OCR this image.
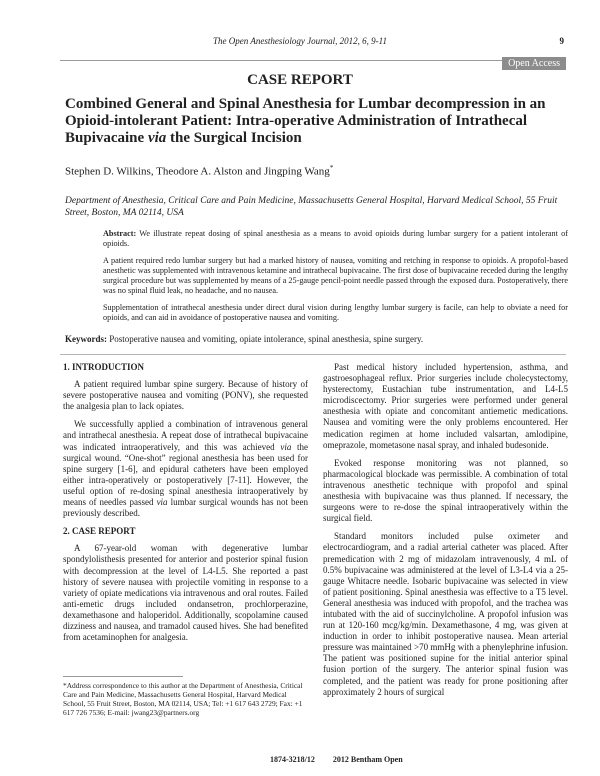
The Open Anesthesiology Journal, 2012, 6, 9-11	9
Open Access
CASE REPORT
Combined General and Spinal Anesthesia for Lumbar decompression in an Opioid-intolerant Patient: Intra-operative Administration of Intrathecal Bupivacaine via the Surgical Incision
Stephen D. Wilkins, Theodore A. Alston and Jingping Wang*
Department of Anesthesia, Critical Care and Pain Medicine, Massachusetts General Hospital, Harvard Medical School, 55 Fruit Street, Boston, MA 02114, USA

Abstract: We illustrate repeat dosing of spinal anesthesia as a means to avoid opioids during lumbar surgery for a patient intolerant of opioids.

A patient required redo lumbar surgery but had a marked history of nausea, vomiting and retching in response to opioids. A propofol-based anesthetic was supplemented with intravenous ketamine and intrathecal bupivacaine. The first dose of bupivacaine receded during the lengthy surgical procedure but was supplemented by means of a 25-gauge pencil-point needle passed through the exposed dura. Postoperatively, there was no spinal fluid leak, no headache, and no nausea.

Supplementation of intrathecal anesthesia under direct dural vision during lengthy lumbar surgery is facile, can help to obviate a need for opioids, and can aid in avoidance of postoperative nausea and vomiting.

Keywords: Postoperative nausea and vomiting, opiate intolerance, spinal anesthesia, spine surgery.
1. INTRODUCTION

A patient required lumbar spine surgery. Because of history of severe postoperative nausea and vomiting (PONV), she requested the analgesia plan to lack opiates.

We successfully applied a combination of intravenous general and intrathecal anesthesia. A repeat dose of intrathecal bupivacaine was indicated intraoperatively, and this was achieved via the surgical wound. “One-shot” regional anesthesia has been used for spine surgery [1-6], and epidural catheters have been employed either intra-operatively or postoperatively [7-11]. However, the useful option of re-dosing spinal anesthesia intraoperatively by means of needles passed via lumbar surgical wounds has not been previously described.

2. CASE REPORT

A 67-year-old woman with degenerative lumbar spondylolisthesis presented for anterior and posterior spinal fusion with decompression at the level of L4-L5. She reported a past history of severe nausea with projectile vomiting in response to a variety of opiate medications via intravenous and oral routes. Failed anti-emetic drugs included ondansetron, prochlorperazine, dexamethasone and haloperidol. Additionally, scopolamine caused dizziness and nausea, and tramadol caused hives. She had benefited from acetaminophen for analgesia.

Past medical history included hypertension, asthma, and gastroesophageal reflux. Prior surgeries include cholecystectomy, hysterectomy, Eustachian tube instrumentation, and L4-L5 microdiscectomy. Prior surgeries were performed under general anesthesia with opiate and concomitant antiemetic medications. Nausea and vomiting were the only problems encountered. Her medication regimen at home included valsartan, amlodipine, omeprazole, mometasone nasal spray, and inhaled budesonide.

Evoked response monitoring was not planned, so pharmacological blockade was permissible. A combination of total intravenous anesthetic technique with propofol and spinal anesthesia with bupivacaine was thus planned. If necessary, the surgeons were to re-dose the spinal intraoperatively within the surgical field.

Standard monitors included pulse oximeter and electrocardiogram, and a radial arterial catheter was placed. After premedication with 2 mg of midazolam intravenously, 4 mL of 0.5% bupivacaine was administered at the level of L3-L4 via a 25-gauge Whitacre needle. Isobaric bupivacaine was selected in view of patient positioning. Spinal anesthesia was effective to a T5 level. General anesthesia was induced with propofol, and the trachea was intubated with the aid of succinylcholine. A propofol infusion was run at 120-160 mcg/kg/min. Dexamethasone, 4 mg, was given at induction in order to inhibit postoperative nausea. Mean arterial pressure was maintained >70 mmHg with a phenylephrine infusion. The patient was positioned supine for the initial anterior spinal fusion portion of the surgery. The anterior spinal fusion was completed, and the patient was ready for prone positioning after approximately 2 hours of surgical

*Address correspondence to this author at the Department of Anesthesia, Critical Care and Pain Medicine, Massachusetts General Hospital, Harvard Medical School, 55 Fruit Street, Boston, MA 02114, USA; Tel: +1 617 643 2729; Fax: +1 617 726 7536; E-mail: jwang23@partners.org
1874-3218/12 2012 Bentham Open
